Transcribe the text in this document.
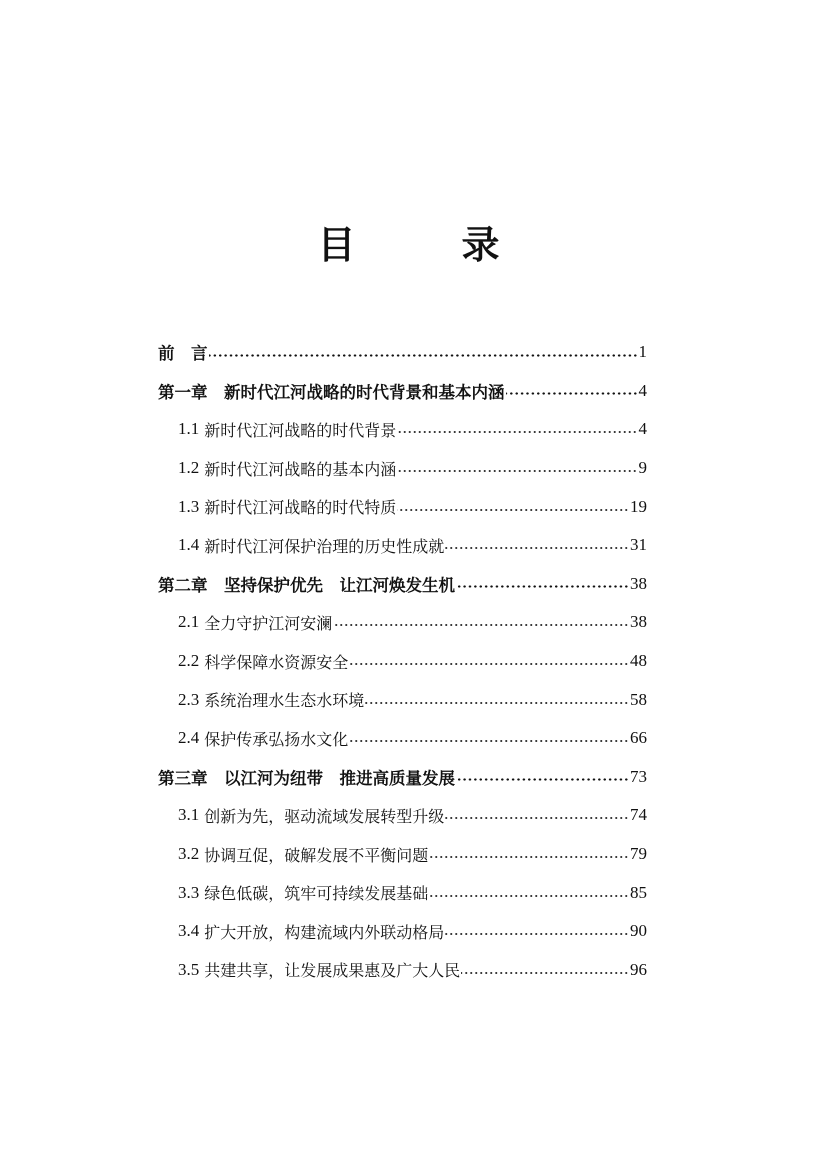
目　录
前　言	1
第一章　新时代江河战略的时代背景和基本内涵	4
1.1 新时代江河战略的时代背景	4
1.2 新时代江河战略的基本内涵	9
1.3 新时代江河战略的时代特质	19
1.4 新时代江河保护治理的历史性成就	31
第二章　坚持保护优先　让江河焕发生机	38
2.1 全力守护江河安澜	38
2.2 科学保障水资源安全	48
2.3 系统治理水生态水环境	58
2.4 保护传承弘扬水文化	66
第三章　以江河为纽带　推进高质量发展	73
3.1 创新为先，驱动流域发展转型升级	74
3.2 协调互促，破解发展不平衡问题	79
3.3 绿色低碳，筑牢可持续发展基础	85
3.4 扩大开放，构建流域内外联动格局	90
3.5 共建共享，让发展成果惠及广大人民	96
